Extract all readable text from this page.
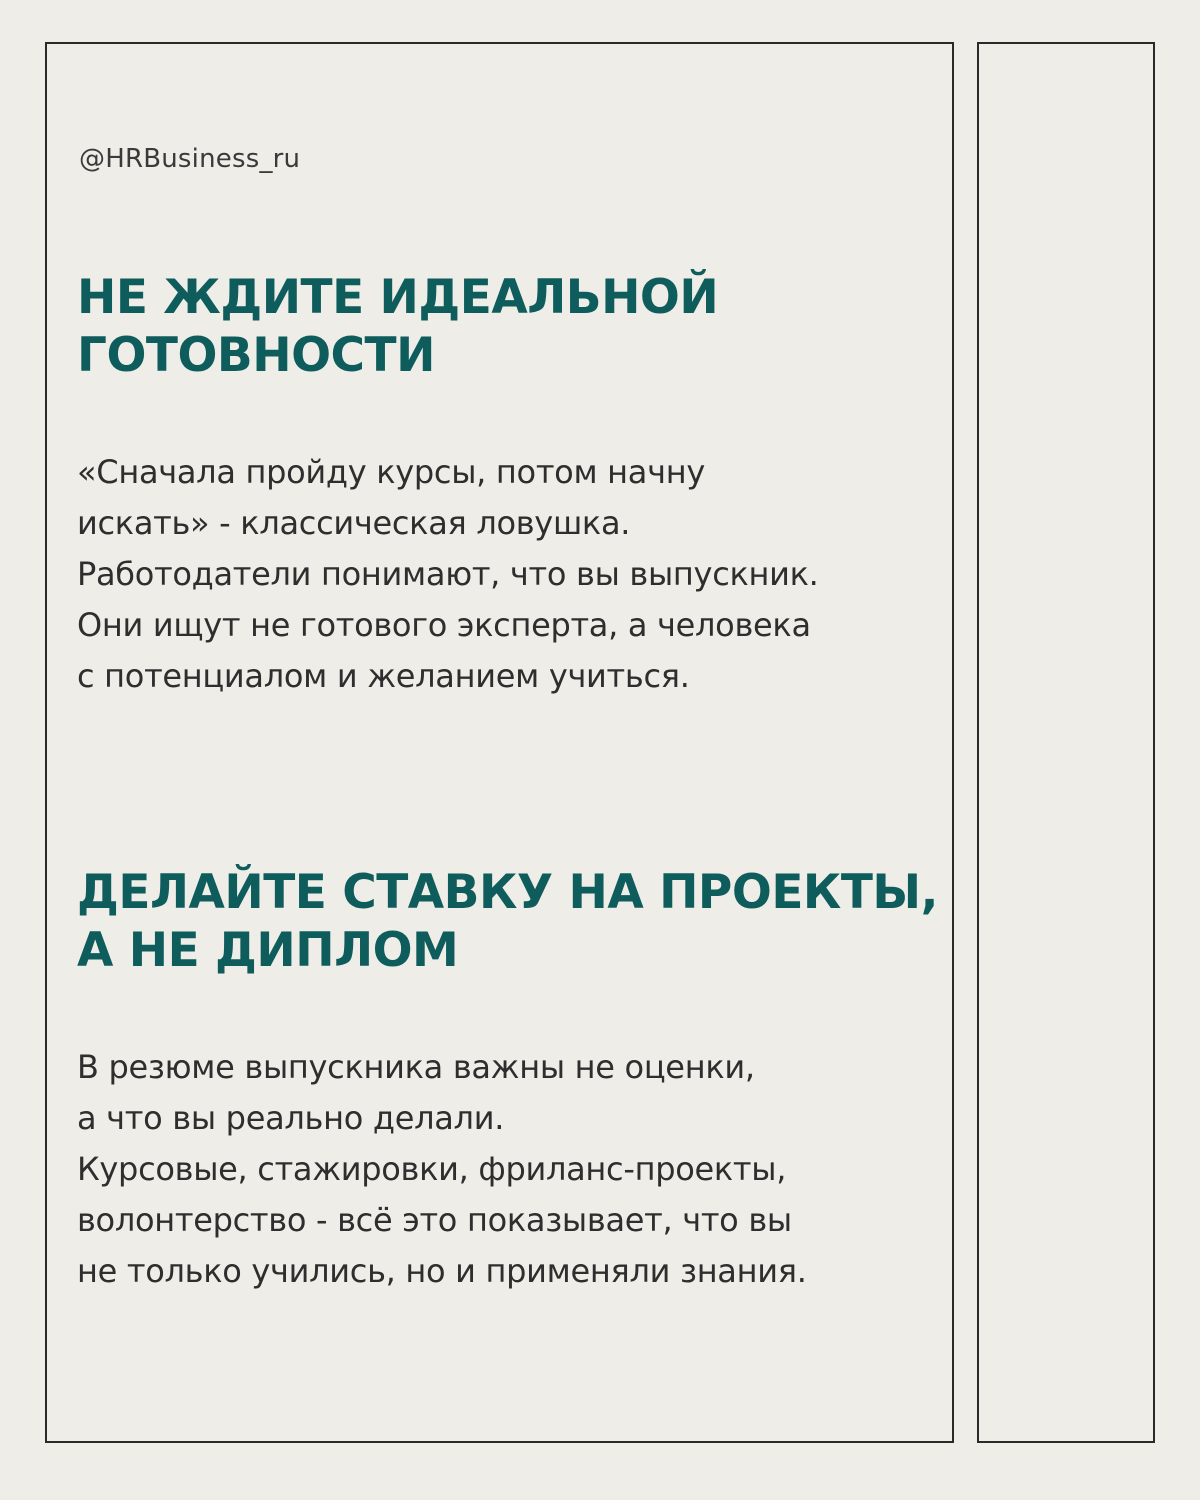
@HRBusiness_ru

НЕ ЖДИТЕ ИДЕАЛЬНОЙ
ГОТОВНОСТИ

«Сначала пройду курсы, потом начну
искать» - классическая ловушка.
Работодатели понимают, что вы выпускник.
Они ищут не готового эксперта, а человека
с потенциалом и желанием учиться.

ДЕЛАЙТЕ СТАВКУ НА ПРОЕКТЫ,
А НЕ ДИПЛОМ

В резюме выпускника важны не оценки,
а что вы реально делали.
Курсовые, стажировки, фриланс-проекты,
волонтерство - всё это показывает, что вы
не только учились, но и применяли знания.
